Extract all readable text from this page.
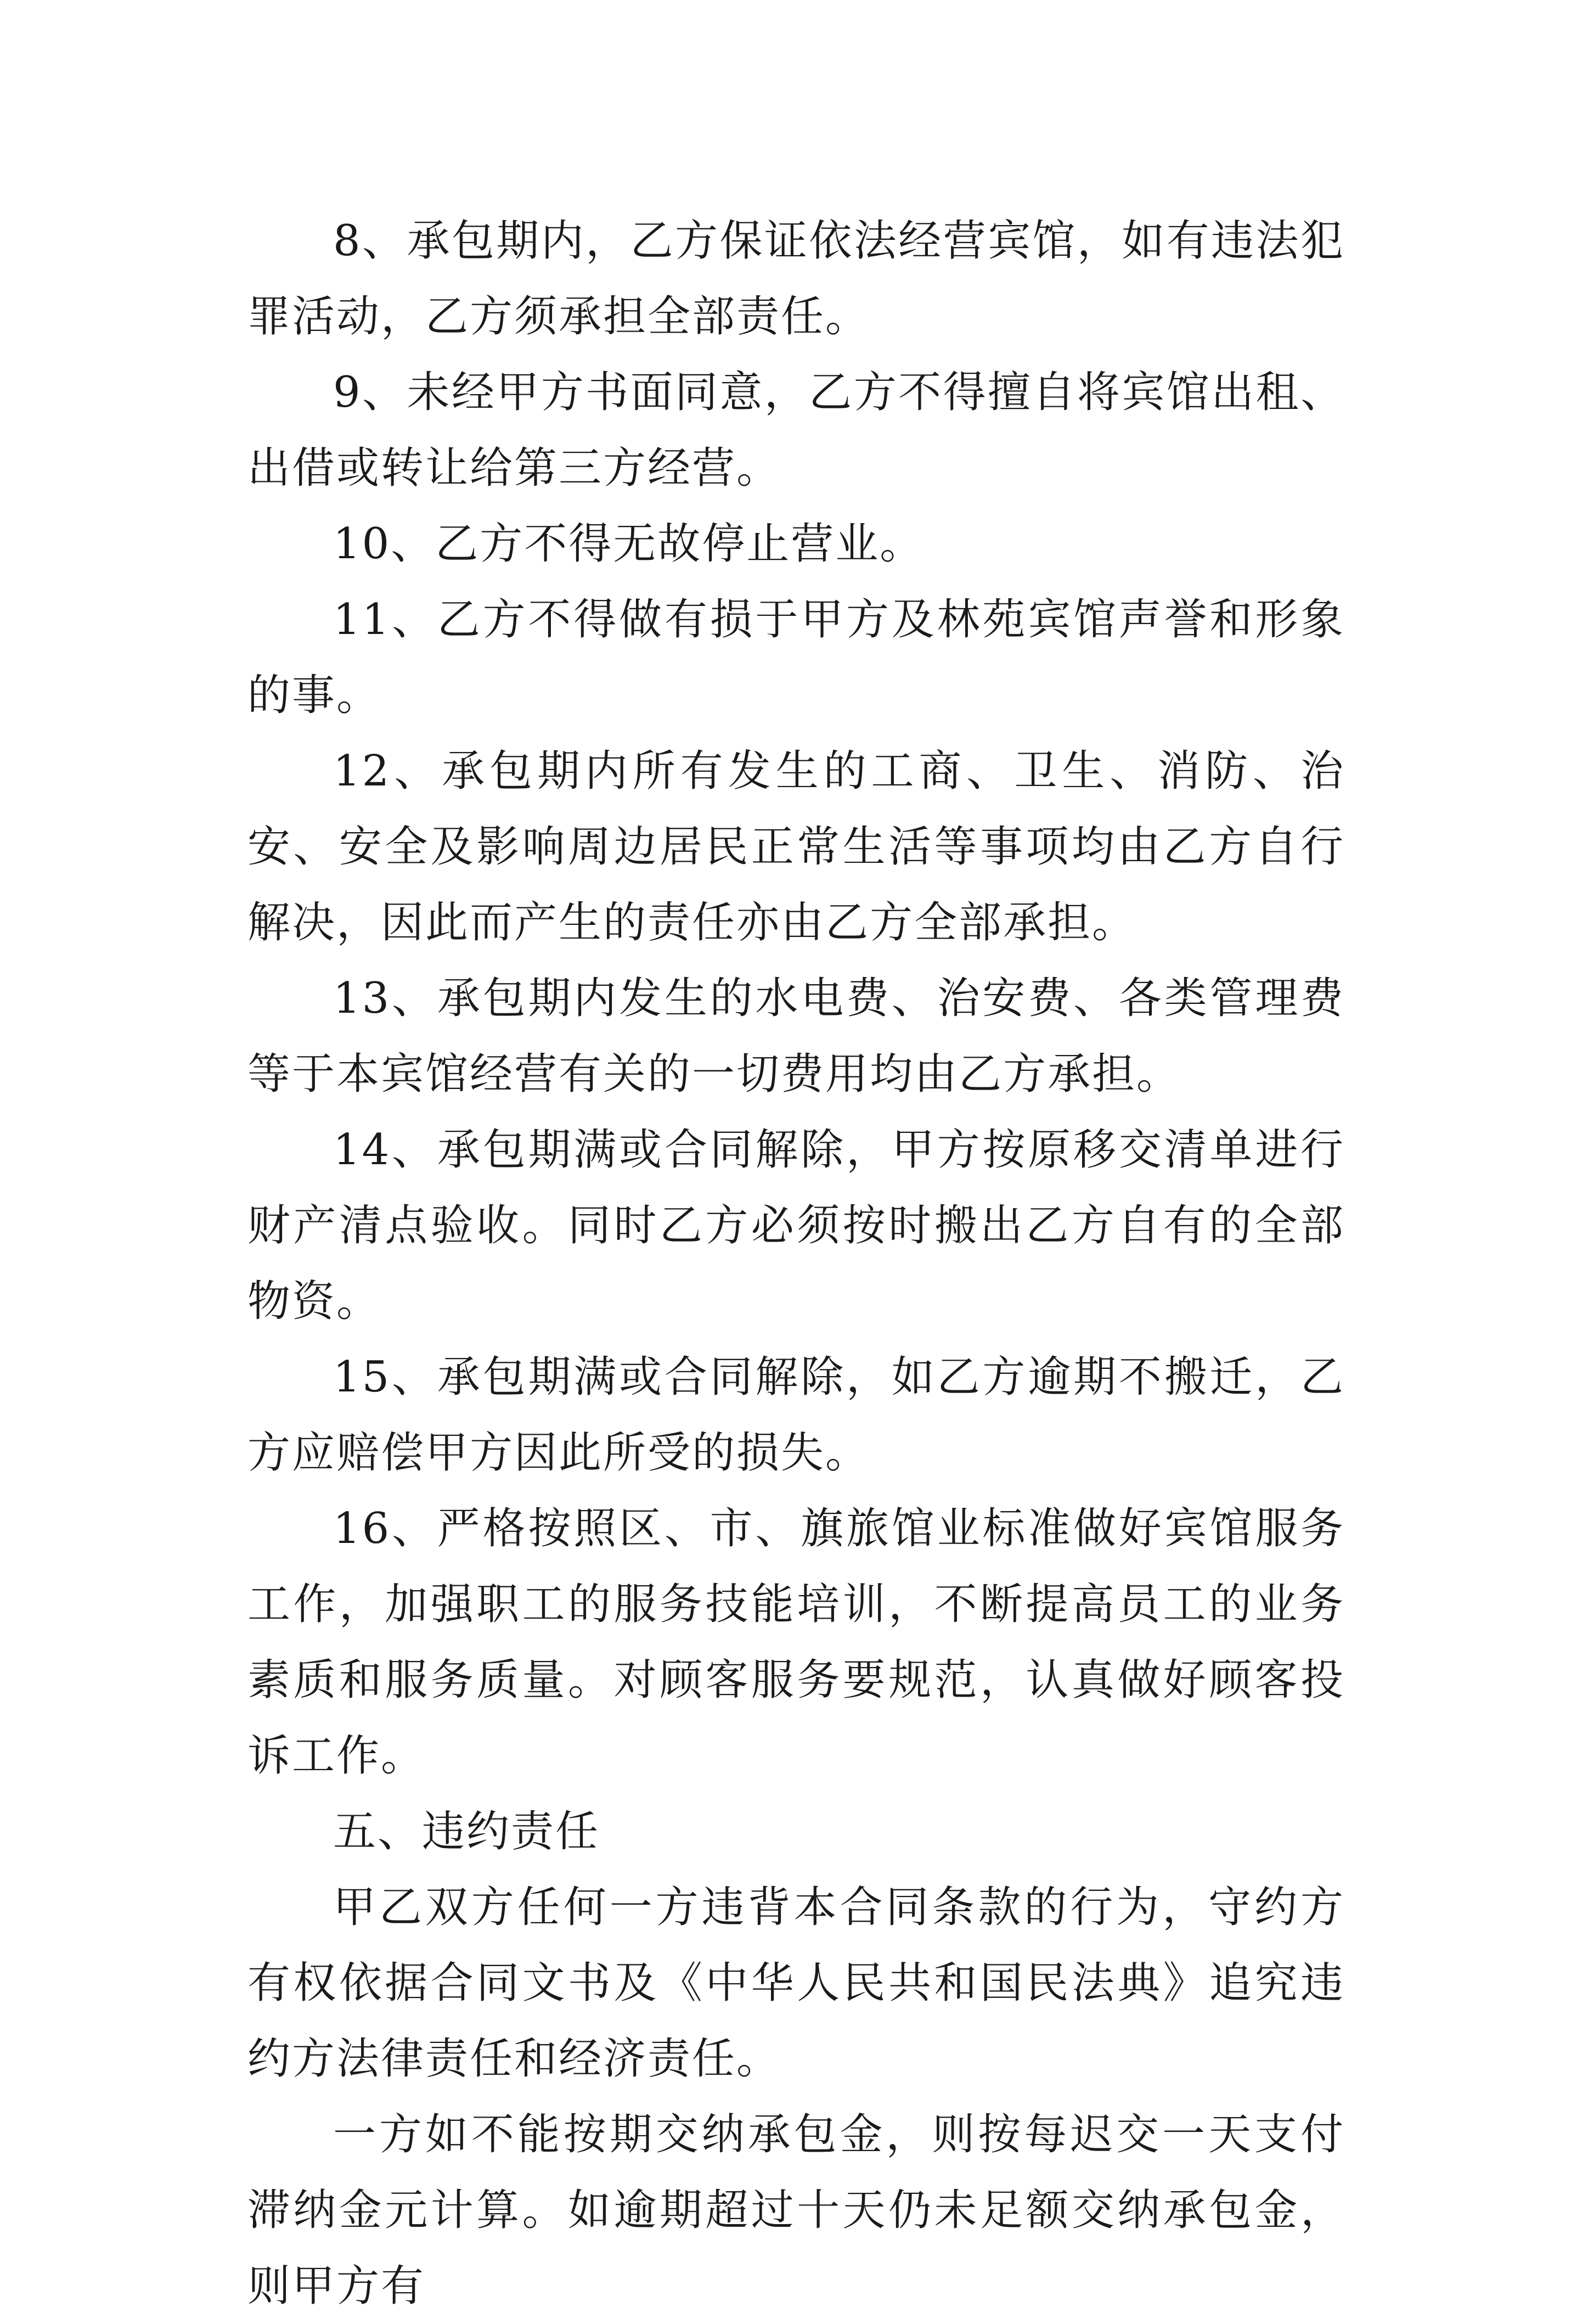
8、承包期内，乙方保证依法经营宾馆，如有违法犯罪活动，乙方须承担全部责任。

9、未经甲方书面同意，乙方不得擅自将宾馆出租、出借或转让给第三方经营。

10、乙方不得无故停止营业。

11、乙方不得做有损于甲方及林苑宾馆声誉和形象的事。

12、承包期内所有发生的工商、卫生、消防、治安、安全及影响周边居民正常生活等事项均由乙方自行解决，因此而产生的责任亦由乙方全部承担。

13、承包期内发生的水电费、治安费、各类管理费等于本宾馆经营有关的一切费用均由乙方承担。

14、承包期满或合同解除，甲方按原移交清单进行财产清点验收。同时乙方必须按时搬出乙方自有的全部物资。

15、承包期满或合同解除，如乙方逾期不搬迁，乙方应赔偿甲方因此所受的损失。

16、严格按照区、市、旗旅馆业标准做好宾馆服务工作，加强职工的服务技能培训，不断提高员工的业务素质和服务质量。对顾客服务要规范，认真做好顾客投诉工作。

五、违约责任

甲乙双方任何一方违背本合同条款的行为，守约方有权依据合同文书及《中华人民共和国民法典》追究违约方法律责任和经济责任。

一方如不能按期交纳承包金，则按每迟交一天支付滞纳金元计算。如逾期超过十天仍未足额交纳承包金，则甲方有
